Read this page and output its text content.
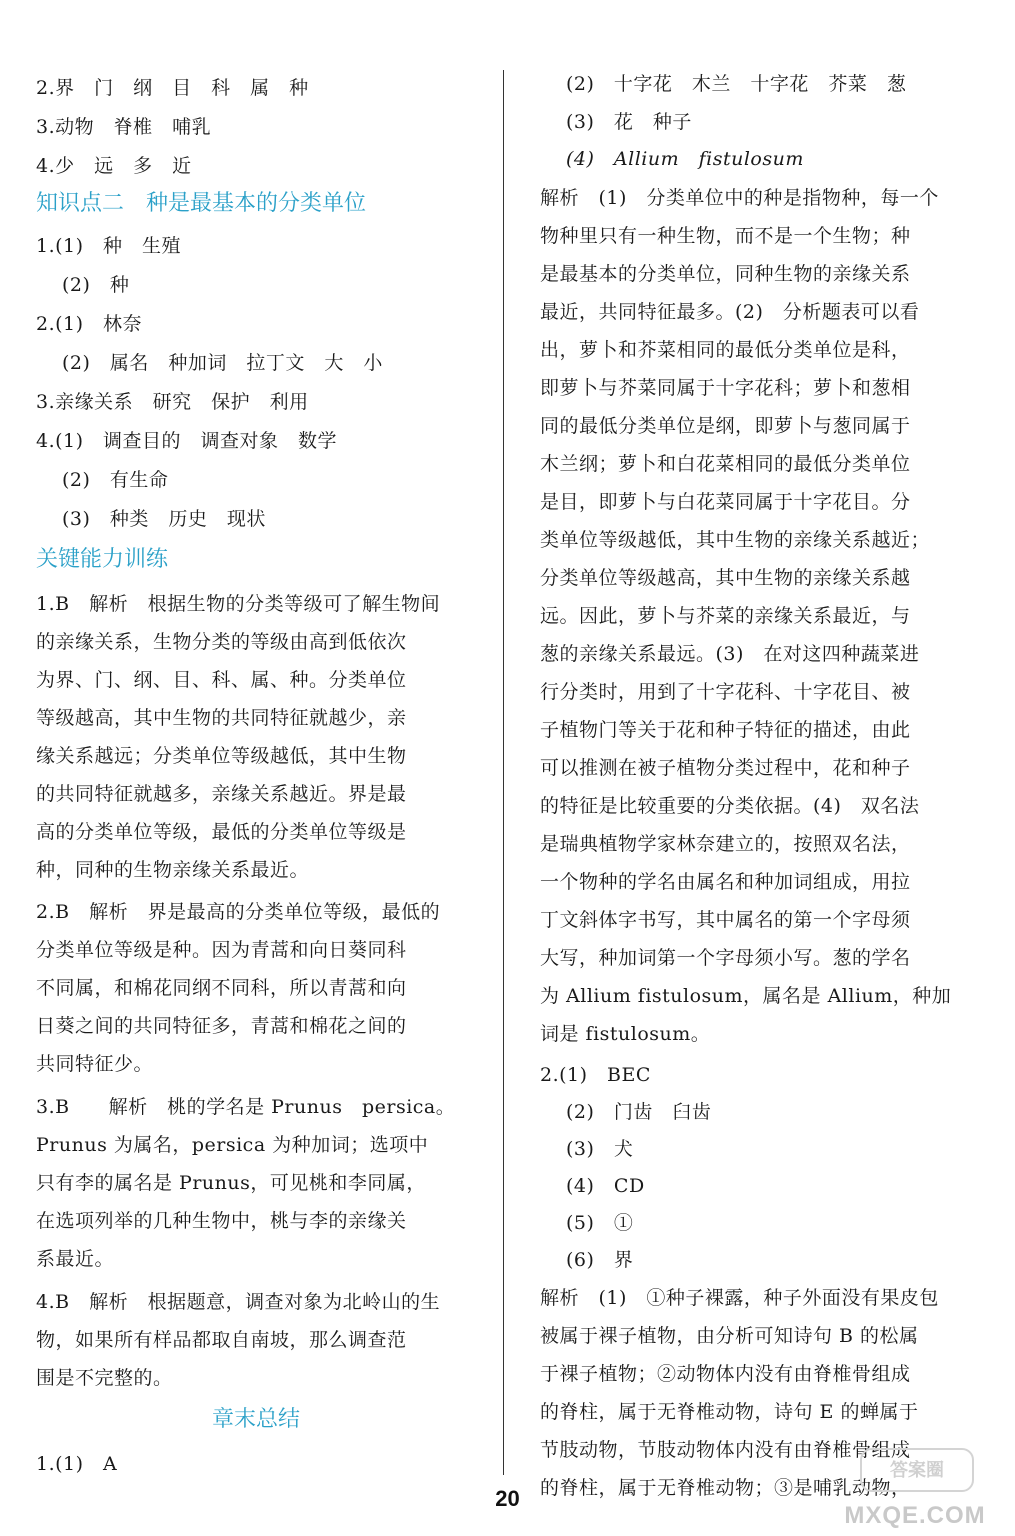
2.界　门　纲　目　科　属　种
3.动物　脊椎　哺乳
4.少　远　多　近
知识点二　种是最基本的分类单位
1.(1)　种　生殖
(2)　种
2.(1)　林奈
(2)　属名　种加词　拉丁文　大　小
3.亲缘关系　研究　保护　利用
4.(1)　调查目的　调查对象　数学
(2)　有生命
(3)　种类　历史　现状
关键能力训练
1.B　解析　根据生物的分类等级可了解生物间
的亲缘关系，生物分类的等级由高到低依次
为界、门、纲、目、科、属、种。分类单位
等级越高，其中生物的共同特征就越少，亲
缘关系越远；分类单位等级越低，其中生物
的共同特征就越多，亲缘关系越近。界是最
高的分类单位等级，最低的分类单位等级是
种，同种的生物亲缘关系最近。
2.B　解析　界是最高的分类单位等级，最低的
分类单位等级是种。因为青蒿和向日葵同科
不同属，和棉花同纲不同科，所以青蒿和向
日葵之间的共同特征多，青蒿和棉花之间的
共同特征少。
3.B　　解析　桃的学名是 Prunus　persica。
Prunus 为属名，persica 为种加词；选项中
只有李的属名是 Prunus，可见桃和李同属，
在选项列举的几种生物中，桃与李的亲缘关
系最近。
4.B　解析　根据题意，调查对象为北岭山的生
物，如果所有样品都取自南坡，那么调查范
围是不完整的。
章末总结
1.(1)　A
(2)　十字花　木兰　十字花　芥菜　葱
(3)　花　种子
(4)　Allium　fistulosum
解析　(1)　分类单位中的种是指物种，每一个
物种里只有一种生物，而不是一个生物；种
是最基本的分类单位，同种生物的亲缘关系
最近，共同特征最多。(2)　分析题表可以看
出，萝卜和芥菜相同的最低分类单位是科，
即萝卜与芥菜同属于十字花科；萝卜和葱相
同的最低分类单位是纲，即萝卜与葱同属于
木兰纲；萝卜和白花菜相同的最低分类单位
是目，即萝卜与白花菜同属于十字花目。分
类单位等级越低，其中生物的亲缘关系越近；
分类单位等级越高，其中生物的亲缘关系越
远。因此，萝卜与芥菜的亲缘关系最近，与
葱的亲缘关系最远。(3)　在对这四种蔬菜进
行分类时，用到了十字花科、十字花目、被
子植物门等关于花和种子特征的描述，由此
可以推测在被子植物分类过程中，花和种子
的特征是比较重要的分类依据。(4)　双名法
是瑞典植物学家林奈建立的，按照双名法，
一个物种的学名由属名和种加词组成，用拉
丁文斜体字书写，其中属名的第一个字母须
大写，种加词第一个字母须小写。葱的学名
为 Allium fistulosum，属名是 Allium，种加
词是 fistulosum。
2.(1)　BEC
(2)　门齿　臼齿
(3)　犬
(4)　CD
(5)　①
(6)　界
解析　(1)　①种子裸露，种子外面没有果皮包
被属于裸子植物，由分析可知诗句 B 的松属
于裸子植物；②动物体内没有由脊椎骨组成
的脊柱，属于无脊椎动物，诗句 E 的蝉属于
节肢动物，节肢动物体内没有由脊椎骨组成
的脊柱，属于无脊椎动物；③是哺乳动物，
20
答案圈
MXQE.COM
